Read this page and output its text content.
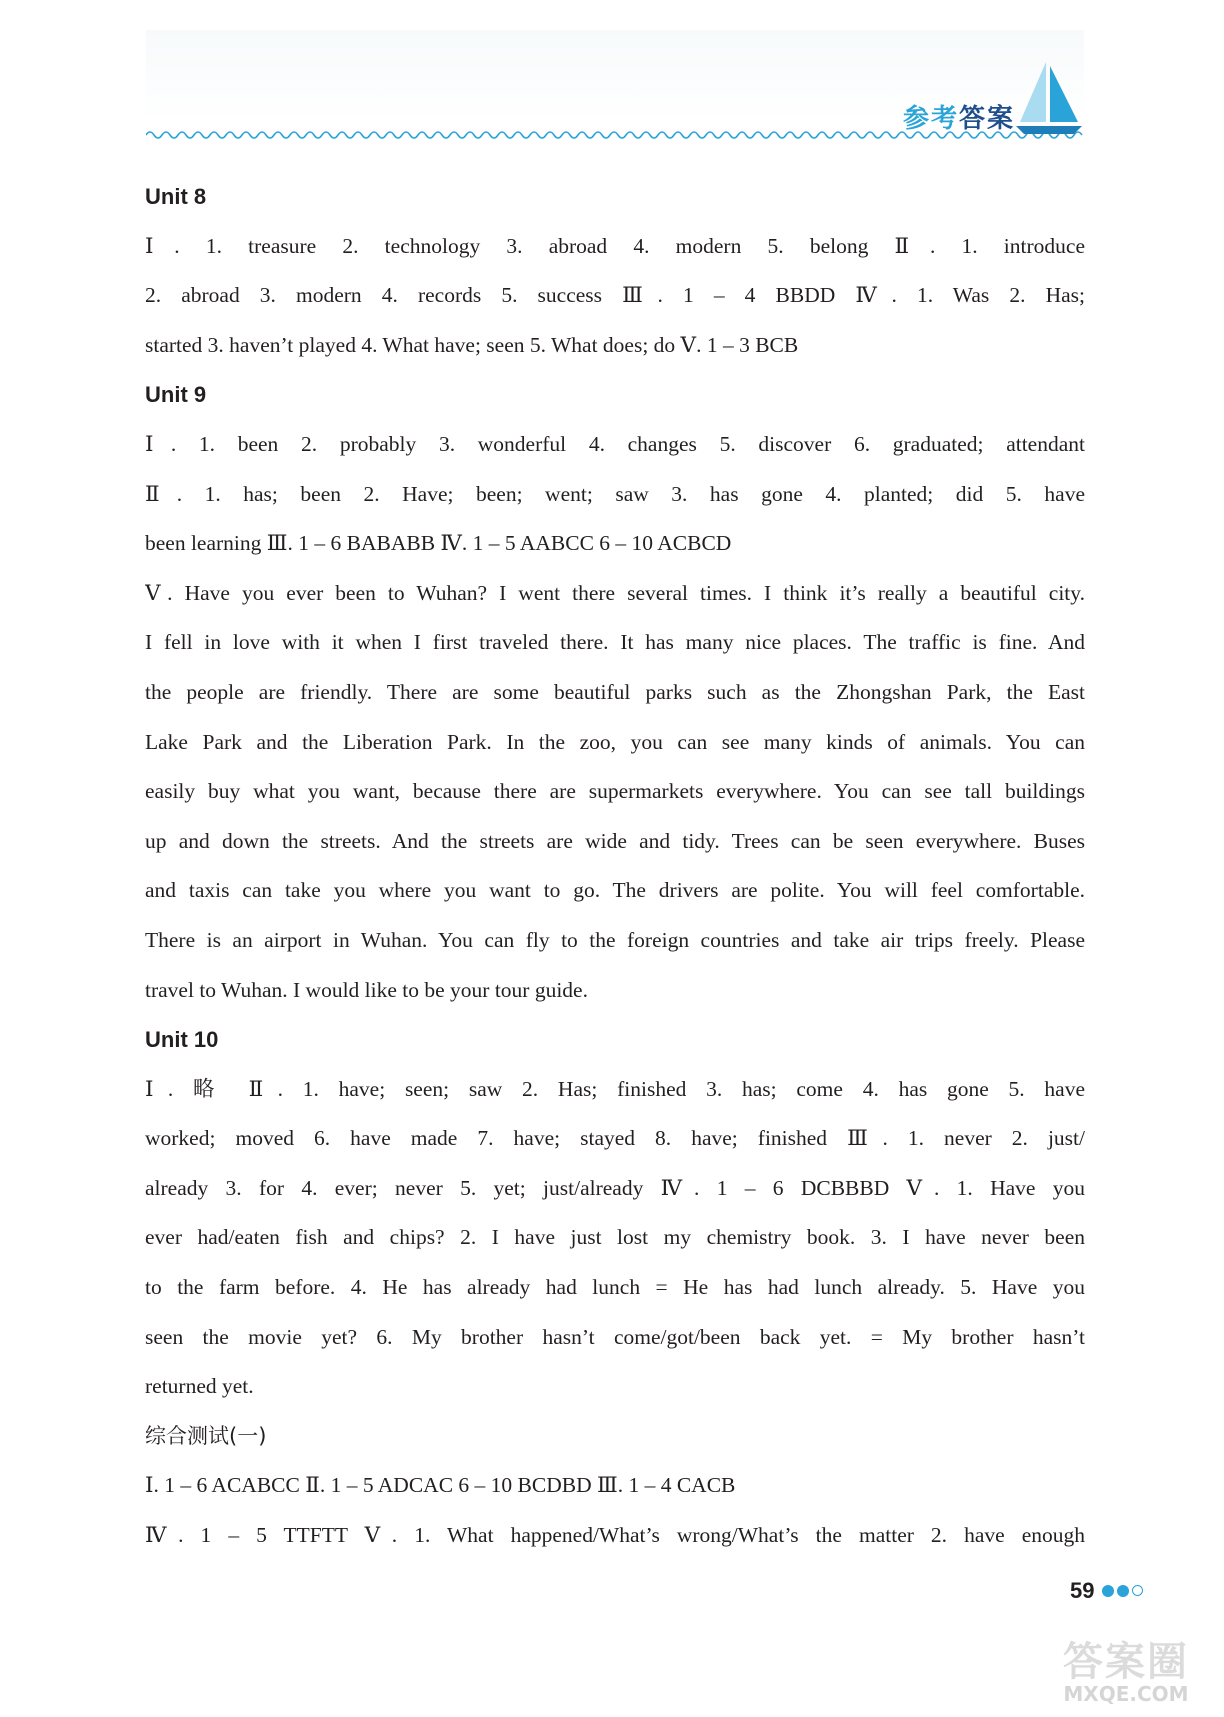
参考答案
Unit 8
Ⅰ. 1. treasure 2. technology 3. abroad 4. modern 5. belong Ⅱ. 1. introduce
2. abroad 3. modern 4. records 5. success Ⅲ. 1 – 4 BBDD Ⅳ. 1. Was 2. Has;
started 3. haven’t played 4. What have; seen 5. What does; do Ⅴ. 1 – 3 BCB
Unit 9
Ⅰ. 1. been 2. probably 3. wonderful 4. changes 5. discover 6. graduated; attendant
Ⅱ. 1. has; been 2. Have; been; went; saw 3. has gone 4. planted; did 5. have
been learning Ⅲ. 1 – 6 BABABB Ⅳ. 1 – 5 AABCC 6 – 10 ACBCD
Ⅴ. Have you ever been to Wuhan? I went there several times. I think it’s really a beautiful city.
I fell in love with it when I first traveled there. It has many nice places. The traffic is fine. And
the people are friendly. There are some beautiful parks such as the Zhongshan Park, the East
Lake Park and the Liberation Park. In the zoo, you can see many kinds of animals. You can
easily buy what you want, because there are supermarkets everywhere. You can see tall buildings
up and down the streets. And the streets are wide and tidy. Trees can be seen everywhere. Buses
and taxis can take you where you want to go. The drivers are polite. You will feel comfortable.
There is an airport in Wuhan. You can fly to the foreign countries and take air trips freely. Please
travel to Wuhan. I would like to be your tour guide.
Unit 10
Ⅰ. 略 Ⅱ. 1. have; seen; saw 2. Has; finished 3. has; come 4. has gone 5. have
worked; moved 6. have made 7. have; stayed 8. have; finished Ⅲ. 1. never 2. just/
already 3. for 4. ever; never 5. yet; just/already Ⅳ. 1 – 6 DCBBBD Ⅴ. 1. Have you
ever had/eaten fish and chips? 2. I have just lost my chemistry book. 3. I have never been
to the farm before. 4. He has already had lunch = He has had lunch already. 5. Have you
seen the movie yet? 6. My brother hasn’t come/got/been back yet. = My brother hasn’t
returned yet.
综合测试(一)
Ⅰ. 1 – 6 ACABCC Ⅱ. 1 – 5 ADCAC 6 – 10 BCDBD Ⅲ. 1 – 4 CACB
Ⅳ. 1 – 5 TTFTT Ⅴ. 1. What happened/What’s wrong/What’s the matter 2. have enough
59
答案圈
MXQE.COM
